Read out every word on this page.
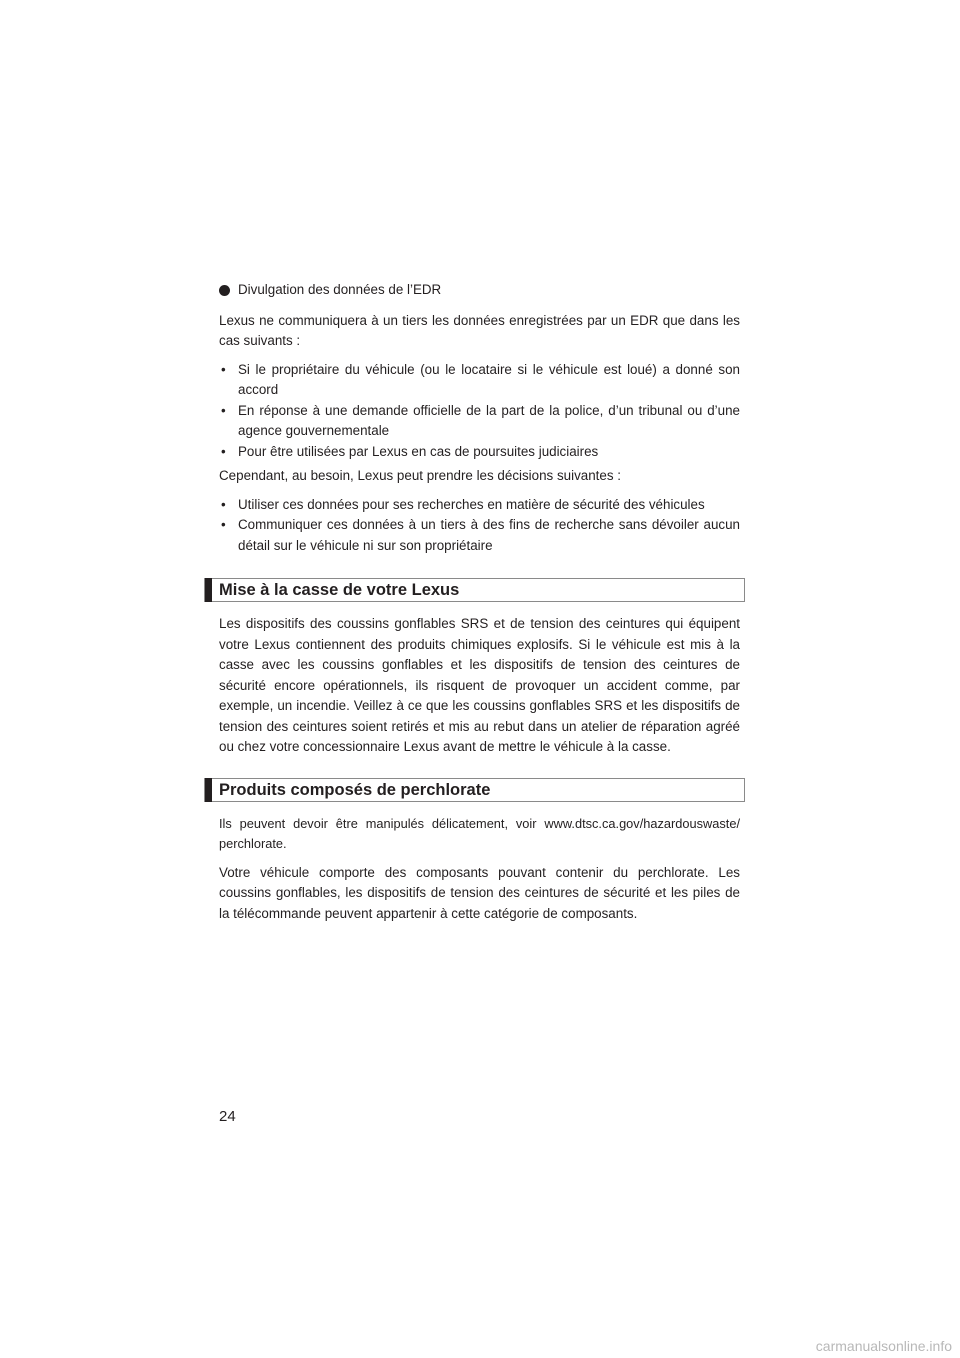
Divulgation des données de l’EDR

Lexus ne communiquera à un tiers les données enregistrées par un EDR que dans les cas suivants :

• Si le propriétaire du véhicule (ou le locataire si le véhicule est loué) a donné son accord
• En réponse à une demande officielle de la part de la police, d’un tribunal ou d’une agence gouvernementale
• Pour être utilisées par Lexus en cas de poursuites judiciaires

Cependant, au besoin, Lexus peut prendre les décisions suivantes :

• Utiliser ces données pour ses recherches en matière de sécurité des véhicules
• Communiquer ces données à un tiers à des fins de recherche sans dévoiler aucun détail sur le véhicule ni sur son propriétaire
Mise à la casse de votre Lexus

Les dispositifs des coussins gonflables SRS et de tension des ceintures qui équipent votre Lexus contiennent des produits chimiques explosifs. Si le véhicule est mis à la casse avec les coussins gonflables et les dispositifs de tension des ceintures de sécurité encore opérationnels, ils risquent de provoquer un accident comme, par exemple, un incendie. Veillez à ce que les coussins gonflables SRS et les dispositifs de tension des ceintures soient retirés et mis au rebut dans un atelier de réparation agréé ou chez votre concessionnaire Lexus avant de mettre le véhicule à la casse.

Produits composés de perchlorate

Ils peuvent devoir être manipulés délicatement, voir www.dtsc.ca.gov/hazardouswaste/ perchlorate.

Votre véhicule comporte des composants pouvant contenir du perchlorate. Les coussins gonflables, les dispositifs de tension des ceintures de sécurité et les piles de la télécommande peuvent appartenir à cette catégorie de composants.

24
carmanualsonline.info
